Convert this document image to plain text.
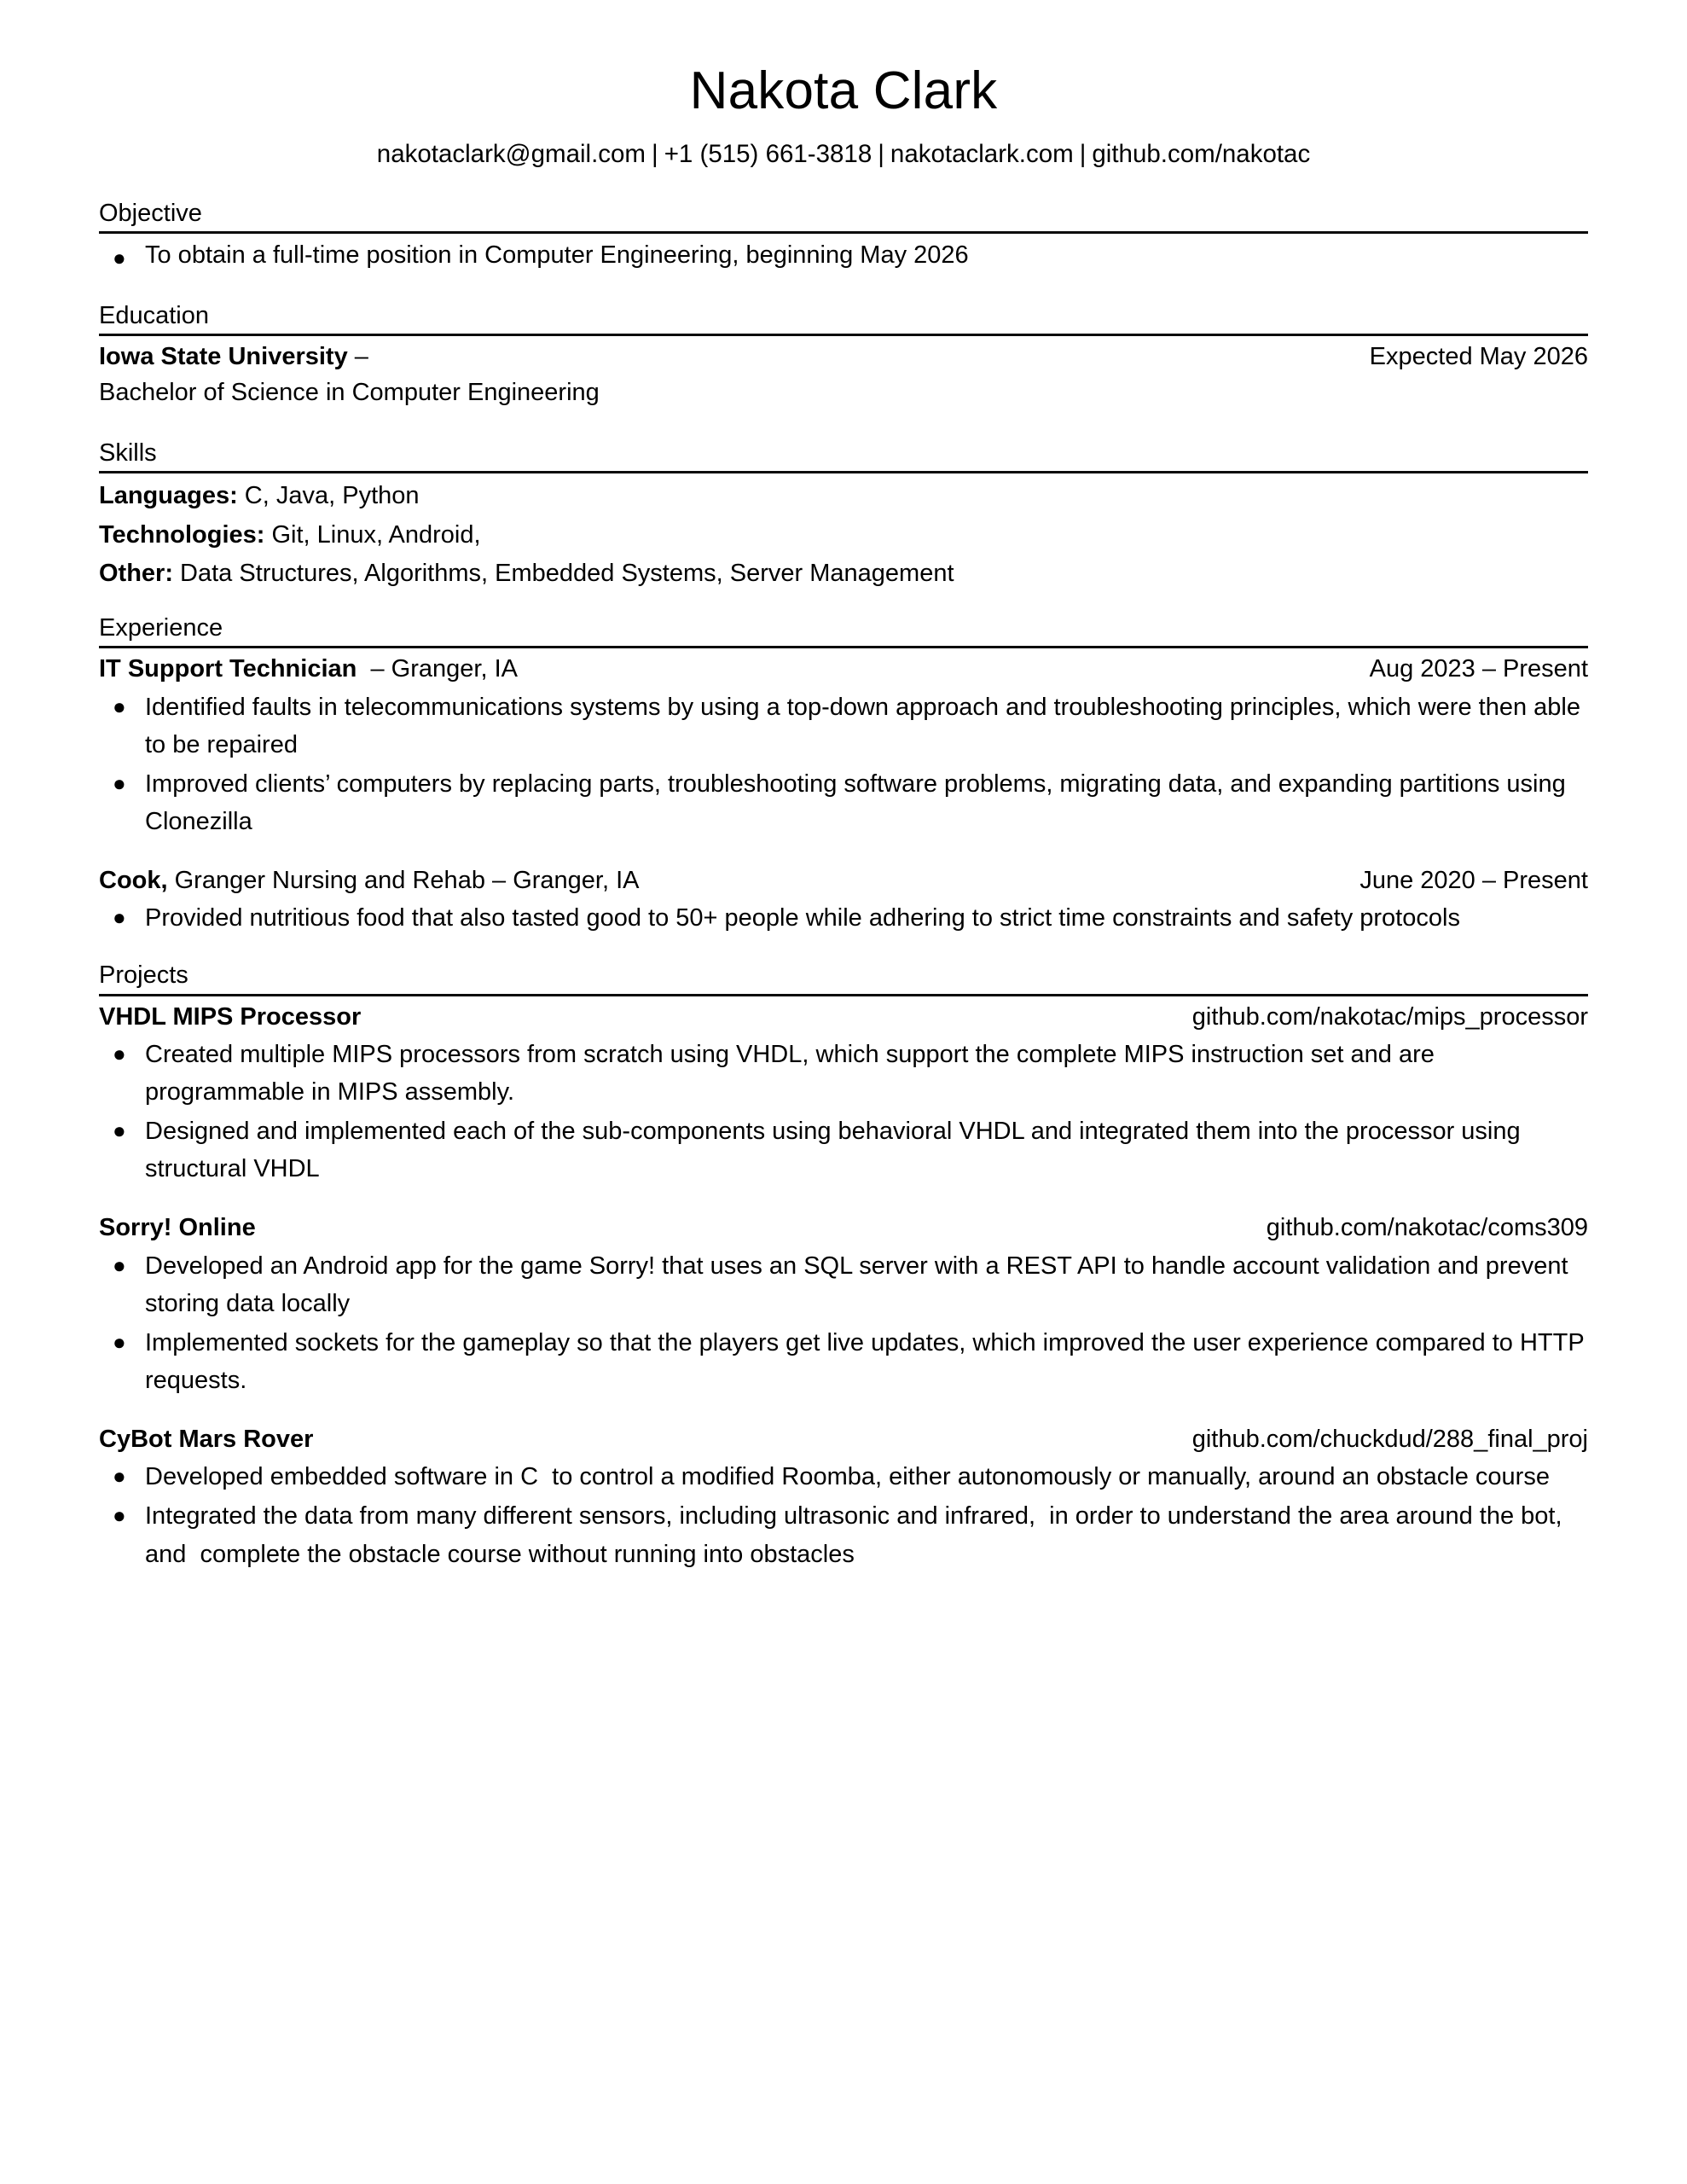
Nakota Clark
nakotaclark@gmail.com | +1 (515) 661-3818 | nakotaclark.com | github.com/nakotac
Objective
● To obtain a full-time position in Computer Engineering, beginning May 2026
Education
Iowa State University –	Expected May 2026
Bachelor of Science in Computer Engineering
Skills
Languages: C, Java, Python
Technologies: Git, Linux, Android,
Other: Data Structures, Algorithms, Embedded Systems, Server Management
Experience
IT Support Technician  – Granger, IA	Aug 2023 – Present
● Identified faults in telecommunications systems by using a top-down approach and troubleshooting principles, which were then able to be repaired
● Improved clients’ computers by replacing parts, troubleshooting software problems, migrating data, and expanding partitions using Clonezilla
Cook, Granger Nursing and Rehab – Granger, IA	June 2020 – Present
● Provided nutritious food that also tasted good to 50+ people while adhering to strict time constraints and safety protocols
Projects
VHDL MIPS Processor	github.com/nakotac/mips_processor
● Created multiple MIPS processors from scratch using VHDL, which support the complete MIPS instruction set and are programmable in MIPS assembly.
● Designed and implemented each of the sub-components using behavioral VHDL and integrated them into the processor using structural VHDL
Sorry! Online	github.com/nakotac/coms309
● Developed an Android app for the game Sorry! that uses an SQL server with a REST API to handle account validation and prevent storing data locally
● Implemented sockets for the gameplay so that the players get live updates, which improved the user experience compared to HTTP requests.
CyBot Mars Rover	github.com/chuckdud/288_final_proj
● Developed embedded software in C  to control a modified Roomba, either autonomously or manually, around an obstacle course
● Integrated the data from many different sensors, including ultrasonic and infrared,  in order to understand the area around the bot, and  complete the obstacle course without running into obstacles
